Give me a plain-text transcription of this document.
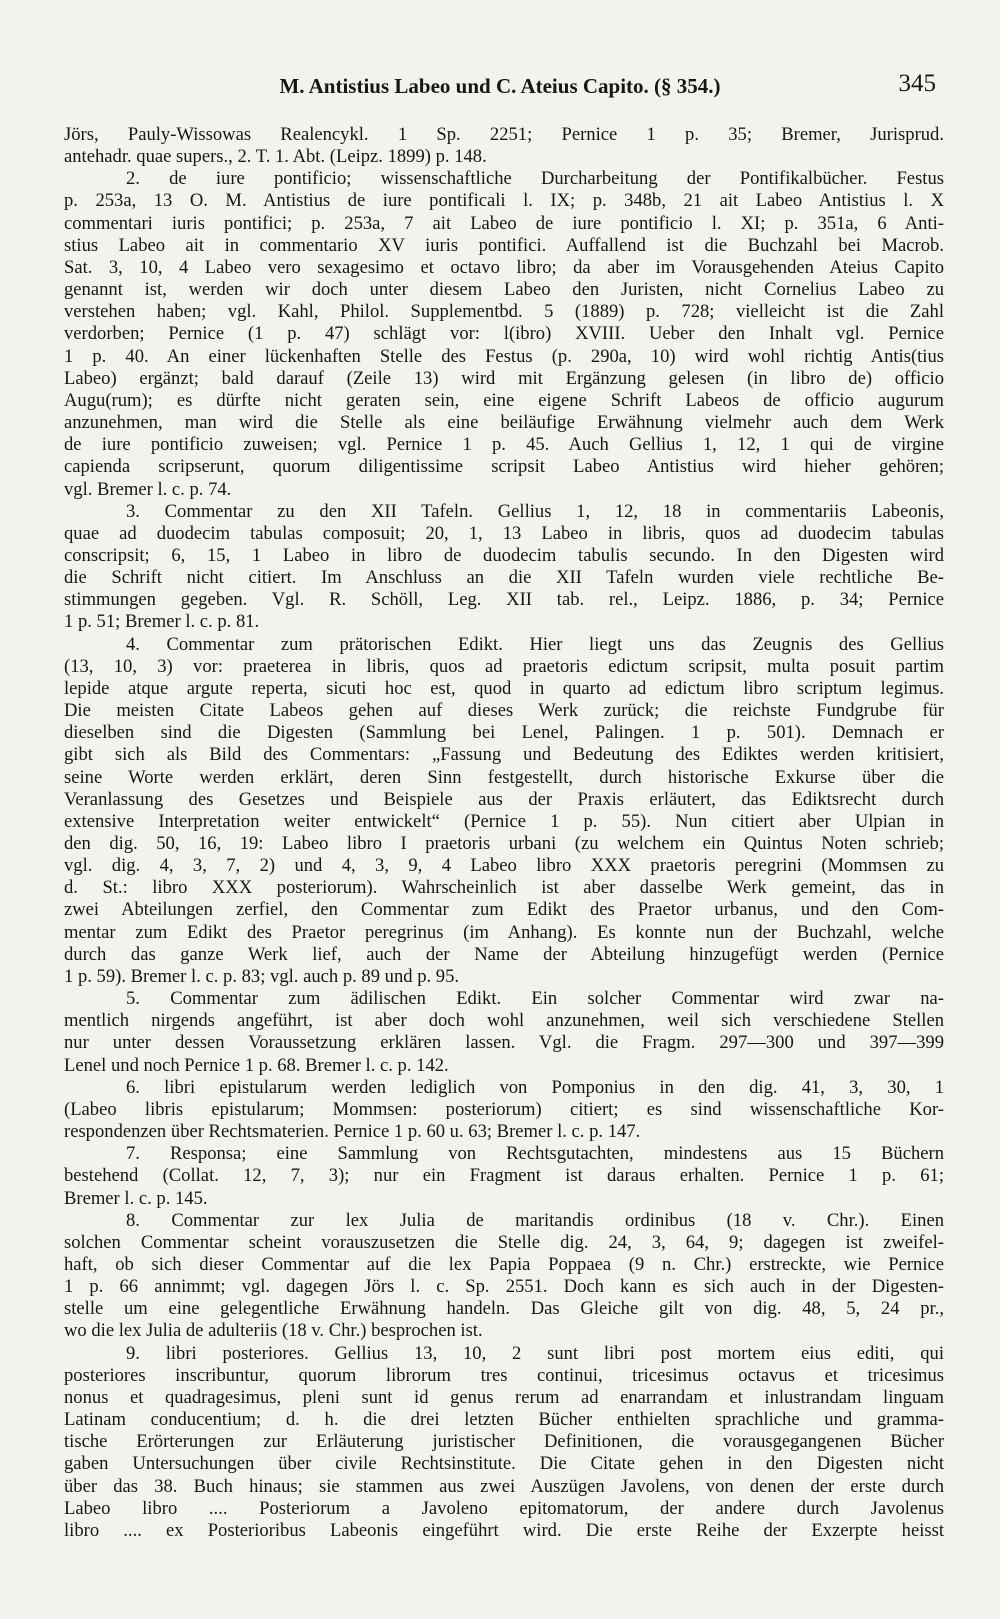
M. Antistius Labeo und C. Ateius Capito. (§ 354.)	345
Jörs, Pauly-Wissowas Realencykl. 1 Sp. 2251; Pernice 1 p. 35; Bremer, Jurisprud.
antehadr. quae supers., 2. T. 1. Abt. (Leipz. 1899) p. 148.
2. de iure pontificio; wissenschaftliche Durcharbeitung der Pontifikalbücher. Festus
p. 253a, 13 O. M. Antistius de iure pontificali l. IX; p. 348b, 21 ait Labeo Antistius l. X
commentari iuris pontifici; p. 253a, 7 ait Labeo de iure pontificio l. XI; p. 351a, 6 Anti-
stius Labeo ait in commentario XV iuris pontifici. Auffallend ist die Buchzahl bei Macrob.
Sat. 3, 10, 4 Labeo vero sexagesimo et octavo libro; da aber im Vorausgehenden Ateius Capito
genannt ist, werden wir doch unter diesem Labeo den Juristen, nicht Cornelius Labeo zu
verstehen haben; vgl. Kahl, Philol. Supplementbd. 5 (1889) p. 728; vielleicht ist die Zahl
verdorben; Pernice (1 p. 47) schlägt vor: l(ibro) XVIII. Ueber den Inhalt vgl. Pernice
1 p. 40. An einer lückenhaften Stelle des Festus (p. 290a, 10) wird wohl richtig Antis(tius
Labeo) ergänzt; bald darauf (Zeile 13) wird mit Ergänzung gelesen (in libro de) officio
Augu(rum); es dürfte nicht geraten sein, eine eigene Schrift Labeos de officio augurum
anzunehmen, man wird die Stelle als eine beiläufige Erwähnung vielmehr auch dem Werk
de iure pontificio zuweisen; vgl. Pernice 1 p. 45. Auch Gellius 1, 12, 1 qui de virgine
capienda scripserunt, quorum diligentissime scripsit Labeo Antistius wird hieher gehören;
vgl. Bremer l. c. p. 74.
3. Commentar zu den XII Tafeln. Gellius 1, 12, 18 in commentariis Labeonis,
quae ad duodecim tabulas composuit; 20, 1, 13 Labeo in libris, quos ad duodecim tabulas
conscripsit; 6, 15, 1 Labeo in libro de duodecim tabulis secundo. In den Digesten wird
die Schrift nicht citiert. Im Anschluss an die XII Tafeln wurden viele rechtliche Be-
stimmungen gegeben. Vgl. R. Schöll, Leg. XII tab. rel., Leipz. 1886, p. 34; Pernice
1 p. 51; Bremer l. c. p. 81.
4. Commentar zum prätorischen Edikt. Hier liegt uns das Zeugnis des Gellius
(13, 10, 3) vor: praeterea in libris, quos ad praetoris edictum scripsit, multa posuit partim
lepide atque argute reperta, sicuti hoc est, quod in quarto ad edictum libro scriptum legimus.
Die meisten Citate Labeos gehen auf dieses Werk zurück; die reichste Fundgrube für
dieselben sind die Digesten (Sammlung bei Lenel, Palingen. 1 p. 501). Demnach er
gibt sich als Bild des Commentars: „Fassung und Bedeutung des Ediktes werden kritisiert,
seine Worte werden erklärt, deren Sinn festgestellt, durch historische Exkurse über die
Veranlassung des Gesetzes und Beispiele aus der Praxis erläutert, das Ediktsrecht durch
extensive Interpretation weiter entwickelt“ (Pernice 1 p. 55). Nun citiert aber Ulpian in
den dig. 50, 16, 19: Labeo libro I praetoris urbani (zu welchem ein Quintus Noten schrieb;
vgl. dig. 4, 3, 7, 2) und 4, 3, 9, 4 Labeo libro XXX praetoris peregrini (Mommsen zu
d. St.: libro XXX posteriorum). Wahrscheinlich ist aber dasselbe Werk gemeint, das in
zwei Abteilungen zerfiel, den Commentar zum Edikt des Praetor urbanus, und den Com-
mentar zum Edikt des Praetor peregrinus (im Anhang). Es konnte nun der Buchzahl, welche
durch das ganze Werk lief, auch der Name der Abteilung hinzugefügt werden (Pernice
1 p. 59). Bremer l. c. p. 83; vgl. auch p. 89 und p. 95.
5. Commentar zum ädilischen Edikt. Ein solcher Commentar wird zwar na-
mentlich nirgends angeführt, ist aber doch wohl anzunehmen, weil sich verschiedene Stellen
nur unter dessen Voraussetzung erklären lassen. Vgl. die Fragm. 297—300 und 397—399
Lenel und noch Pernice 1 p. 68. Bremer l. c. p. 142.
6. libri epistularum werden lediglich von Pomponius in den dig. 41, 3, 30, 1
(Labeo libris epistularum; Mommsen: posteriorum) citiert; es sind wissenschaftliche Kor-
respondenzen über Rechtsmaterien. Pernice 1 p. 60 u. 63; Bremer l. c. p. 147.
7. Responsa; eine Sammlung von Rechtsgutachten, mindestens aus 15 Büchern
bestehend (Collat. 12, 7, 3); nur ein Fragment ist daraus erhalten. Pernice 1 p. 61;
Bremer l. c. p. 145.
8. Commentar zur lex Julia de maritandis ordinibus (18 v. Chr.). Einen
solchen Commentar scheint vorauszusetzen die Stelle dig. 24, 3, 64, 9; dagegen ist zweifel-
haft, ob sich dieser Commentar auf die lex Papia Poppaea (9 n. Chr.) erstreckte, wie Pernice
1 p. 66 annimmt; vgl. dagegen Jörs l. c. Sp. 2551. Doch kann es sich auch in der Digesten-
stelle um eine gelegentliche Erwähnung handeln. Das Gleiche gilt von dig. 48, 5, 24 pr.,
wo die lex Julia de adulteriis (18 v. Chr.) besprochen ist.
9. libri posteriores. Gellius 13, 10, 2 sunt libri post mortem eius editi, qui
posteriores inscribuntur, quorum librorum tres continui, tricesimus octavus et tricesimus
nonus et quadragesimus, pleni sunt id genus rerum ad enarrandam et inlustrandam linguam
Latinam conducentium; d. h. die drei letzten Bücher enthielten sprachliche und gramma-
tische Erörterungen zur Erläuterung juristischer Definitionen, die vorausgegangenen Bücher
gaben Untersuchungen über civile Rechtsinstitute. Die Citate gehen in den Digesten nicht
über das 38. Buch hinaus; sie stammen aus zwei Auszügen Javolens, von denen der erste durch
Labeo libro .... Posteriorum a Javoleno epitomatorum, der andere durch Javolenus
libro .... ex Posterioribus Labeonis eingeführt wird. Die erste Reihe der Exzerpte heisst
